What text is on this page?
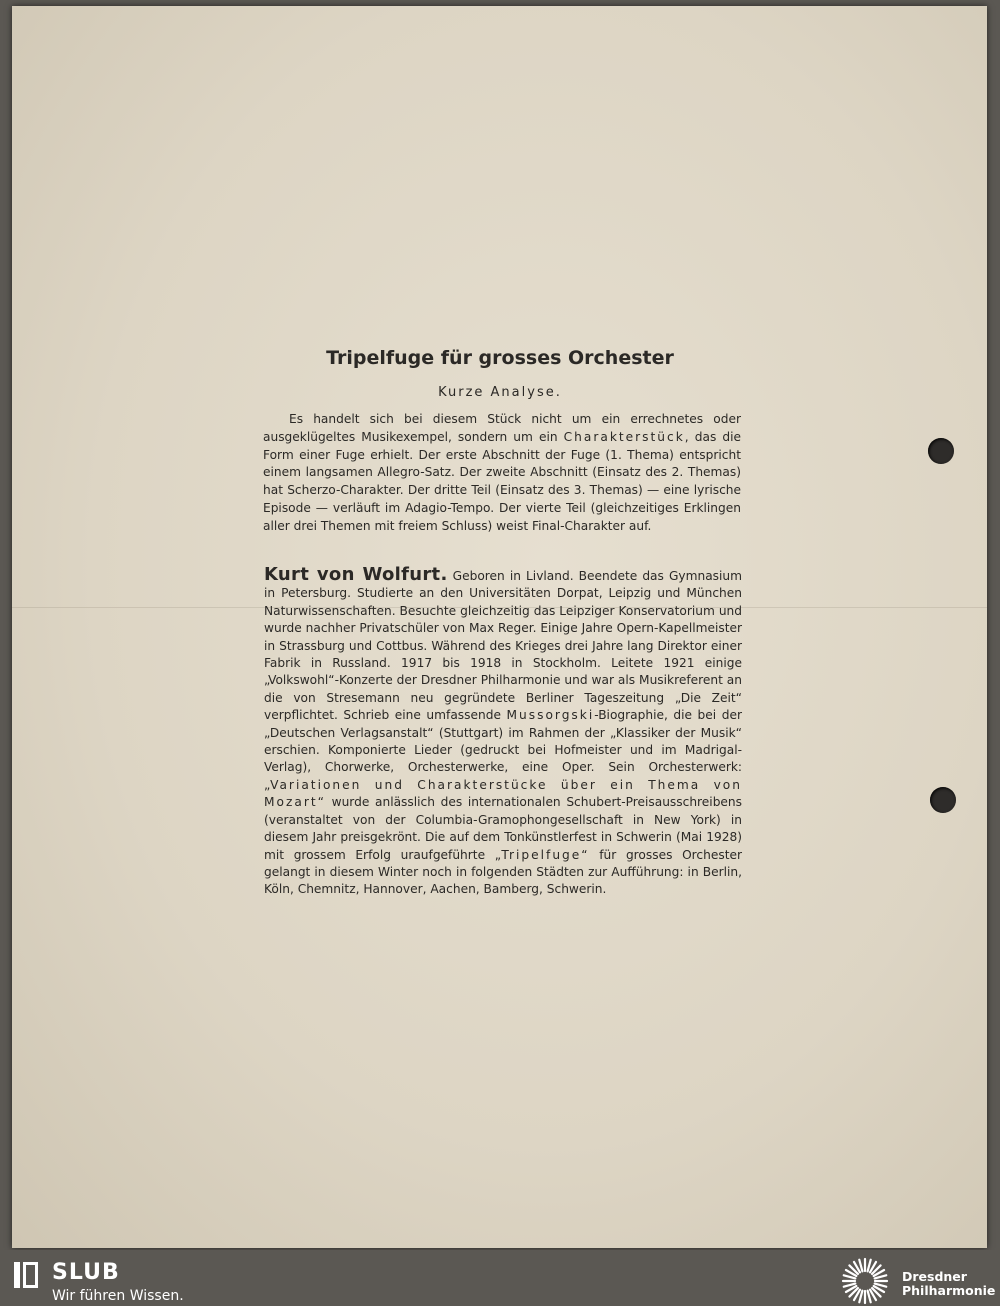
Tripelfuge für grosses Orchester
Kurze Analyse.

Es handelt sich bei diesem Stück nicht um ein errechnetes oder ausgeklügeltes Musikexempel, sondern um ein Charakterstück, das die Form einer Fuge erhielt. Der erste Abschnitt der Fuge (1. Thema) entspricht einem langsamen Allegro-Satz. Der zweite Abschnitt (Einsatz des 2. Themas) hat Scherzo-Charakter. Der dritte Teil (Einsatz des 3. Themas) — eine lyrische Episode — verläuft im Adagio-Tempo. Der vierte Teil (gleichzeitiges Erklingen aller drei Themen mit freiem Schluss) weist Final-Charakter auf.

Kurt von Wolfurt. Geboren in Livland. Beendete das Gymnasium in Petersburg. Studierte an den Universitäten Dorpat, Leipzig und München Naturwissenschaften. Besuchte gleichzeitig das Leipziger Konservatorium und wurde nachher Privatschüler von Max Reger. Einige Jahre Opern-Kapellmeister in Strassburg und Cottbus. Während des Krieges drei Jahre lang Direktor einer Fabrik in Russland. 1917 bis 1918 in Stockholm. Leitete 1921 einige „Volkswohl“-Konzerte der Dresdner Philharmonie und war als Musikreferent an die von Stresemann neu gegründete Berliner Tageszeitung „Die Zeit“ verpflichtet. Schrieb eine umfassende Mussorgski-Biographie, die bei der „Deutschen Verlagsanstalt“ (Stuttgart) im Rahmen der „Klassiker der Musik“ erschien. Komponierte Lieder (gedruckt bei Hofmeister und im Madrigal-Verlag), Chorwerke, Orchesterwerke, eine Oper. Sein Orchesterwerk: „Variationen und Charakterstücke über ein Thema von Mozart“ wurde anlässlich des internationalen Schubert-Preisausschreibens (veranstaltet von der Columbia-Gramophongesellschaft in New York) in diesem Jahr preisgekrönt. Die auf dem Tonkünstlerfest in Schwerin (Mai 1928) mit grossem Erfolg uraufgeführte „Tripelfuge“ für grosses Orchester gelangt in diesem Winter noch in folgenden Städten zur Aufführung: in Berlin, Köln, Chemnitz, Hannover, Aachen, Bamberg, Schwerin.

SLUB
Wir führen Wissen.
Dresdner
Philharmonie
